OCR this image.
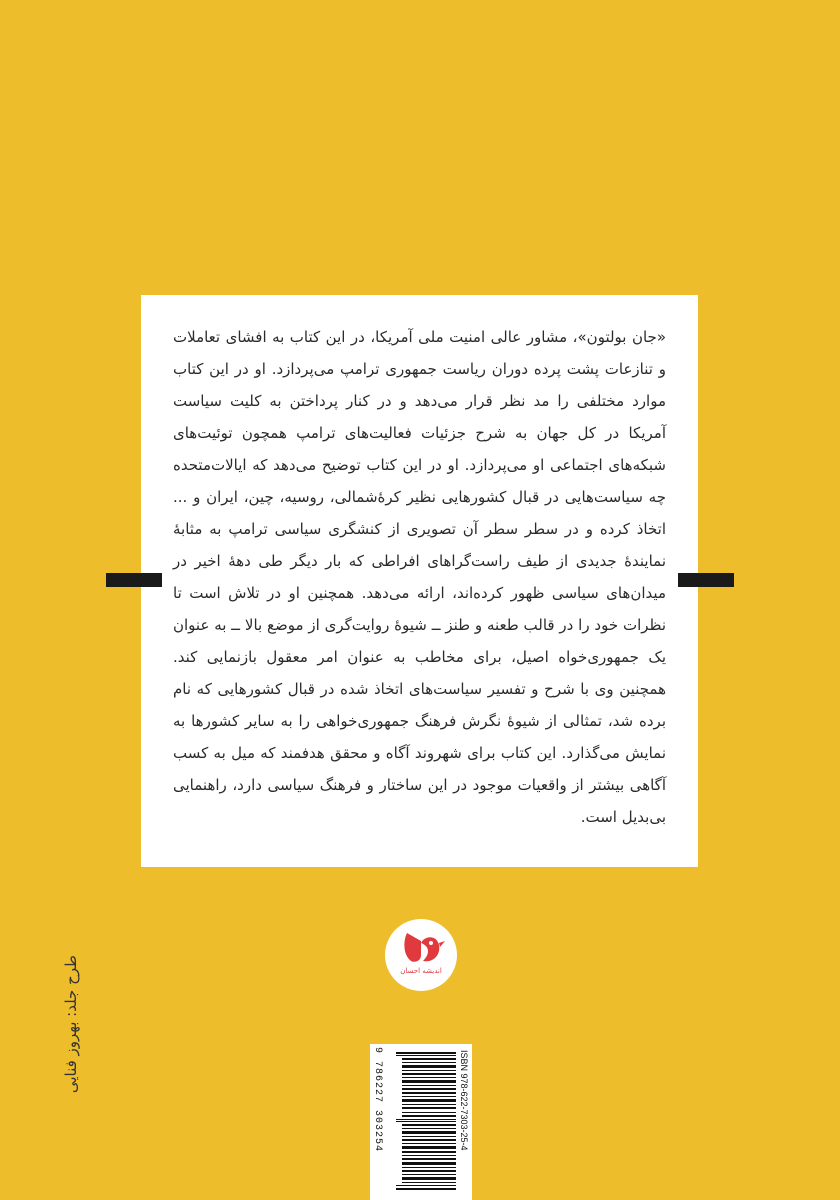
«جان بولتون»، مشاور عالی امنیت ملی آمریکا، در این کتاب به افشای تعاملات و تنازعات پشت پرده دوران ریاست جمهوری ترامپ می‌پردازد. او در این کتاب موارد مختلفی را مد نظر قرار می‌دهد و در کنار پرداختن به کلیت سیاست آمریکا در کل جهان به شرح جزئیات فعالیت‌های ترامپ همچون توئیت‌های شبکه‌های اجتماعی او می‌پردازد. او در این کتاب توضیح می‌دهد که ایالات‌متحده چه سیاست‌هایی در قبال کشورهایی نظیر کرهٔ‌شمالی، روسیه، چین، ایران و ... اتخاذ کرده و در سطر سطر آن تصویری از کنشگری سیاسی ترامپ به مثابهٔ نمایندهٔ جدیدی از طیف راست‌گراهای افراطی که بار دیگر طی دههٔ اخیر در میدان‌های سیاسی ظهور کرده‌اند، ارائه می‌دهد. همچنین او در تلاش است تا نظرات خود را در قالب طعنه و طنز ــ شیوهٔ روایت‌گری از موضع بالا ــ به عنوان یک جمهوری‌خواه اصیل، برای مخاطب به عنوان امر معقول بازنمایی کند. همچنین وی با شرح و تفسیر سیاست‌های اتخاذ شده در قبال کشورهایی که نام برده شد، تمثالی از شیوهٔ نگرش فرهنگ جمهوری‌خواهی را به سایر کشورها به نمایش می‌گذارد. این کتاب برای شهروند آگاه و محقق هدفمند که میل به کسب آگاهی بیشتر از واقعیات موجود در این ساختار و فرهنگ سیاسی دارد، راهنمایی بی‌بدیل است.

اندیشه احسان
ISBN 978-622-7303-25-4
9 786227 303254
طرح جلد: بهروز فنایی
